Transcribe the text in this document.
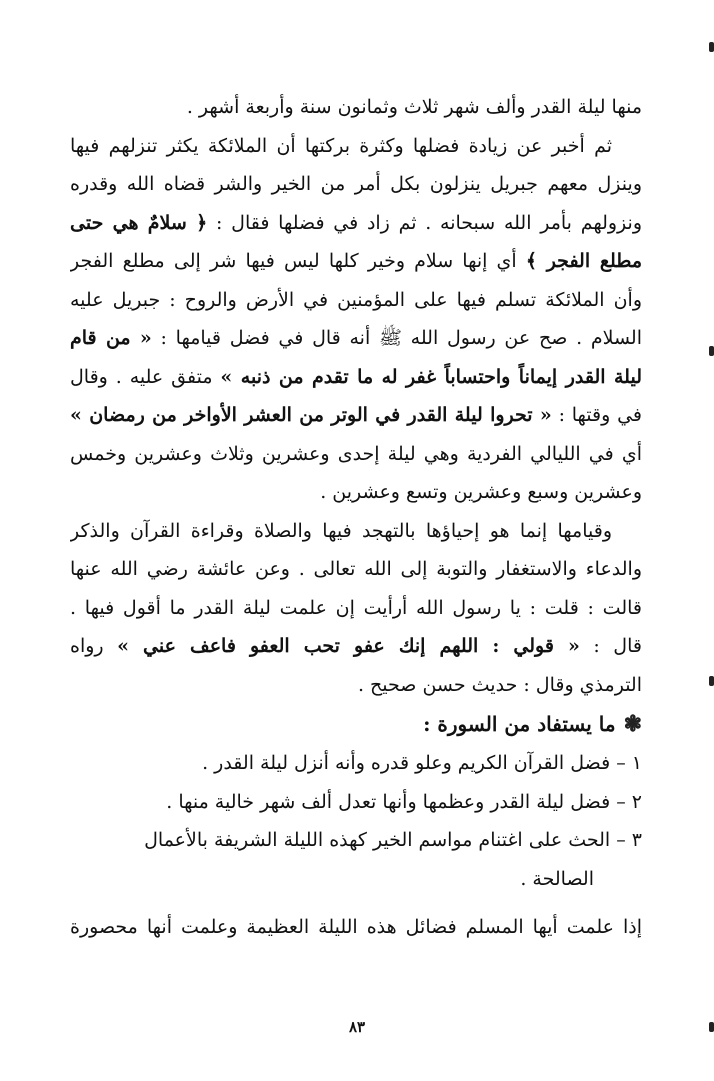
منها ليلة القدر وألف شهر ثلاث وثمانون سنة وأربعة أشهر .
ثم أخبر عن زيادة فضلها وكثرة بركتها أن الملائكة يكثر تنزلهم فيها
وينزل معهم جبريل ينزلون بكل أمر من الخير والشر قضاه الله وقدره
ونزولهم بأمر الله سبحانه . ثم زاد في فضلها فقال : ﴿ سلامٌ هي حتى
مطلع الفجر ﴾ أي إنها سلام وخير كلها ليس فيها شر إلى مطلع الفجر
وأن الملائكة تسلم فيها على المؤمنين في الأرض والروح : جبريل عليه
السلام . صح عن رسول الله ﷺ أنه قال في فضل قيامها : « من قام
ليلة القدر إيماناً واحتساباً غفر له ما تقدم من ذنبه » متفق عليه . وقال
في وقتها : « تحروا ليلة القدر في الوتر من العشر الأواخر من رمضان »
أي في الليالي الفردية وهي ليلة إحدى وعشرين وثلاث وعشرين وخمس
وعشرين وسبع وعشرين وتسع وعشرين .
وقيامها إنما هو إحياؤها بالتهجد فيها والصلاة وقراءة القرآن والذكر
والدعاء والاستغفار والتوبة إلى الله تعالى . وعن عائشة رضي الله عنها
قالت : قلت : يا رسول الله أرأيت إن علمت ليلة القدر ما أقول فيها .
قال : « قولي : اللهم إنك عفو تحب العفو فاعف عني » رواه
الترمذي وقال : حديث حسن صحيح .
❃ما يستفاد من السورة :
١ – فضل القرآن الكريم وعلو قدره وأنه أنزل ليلة القدر .
٢ – فضل ليلة القدر وعظمها وأنها تعدل ألف شهر خالية منها .
٣ – الحث على اغتنام مواسم الخير كهذه الليلة الشريفة بالأعمال
الصالحة .
إذا علمت أيها المسلم فضائل هذه الليلة العظيمة وعلمت أنها محصورة
٨٣
